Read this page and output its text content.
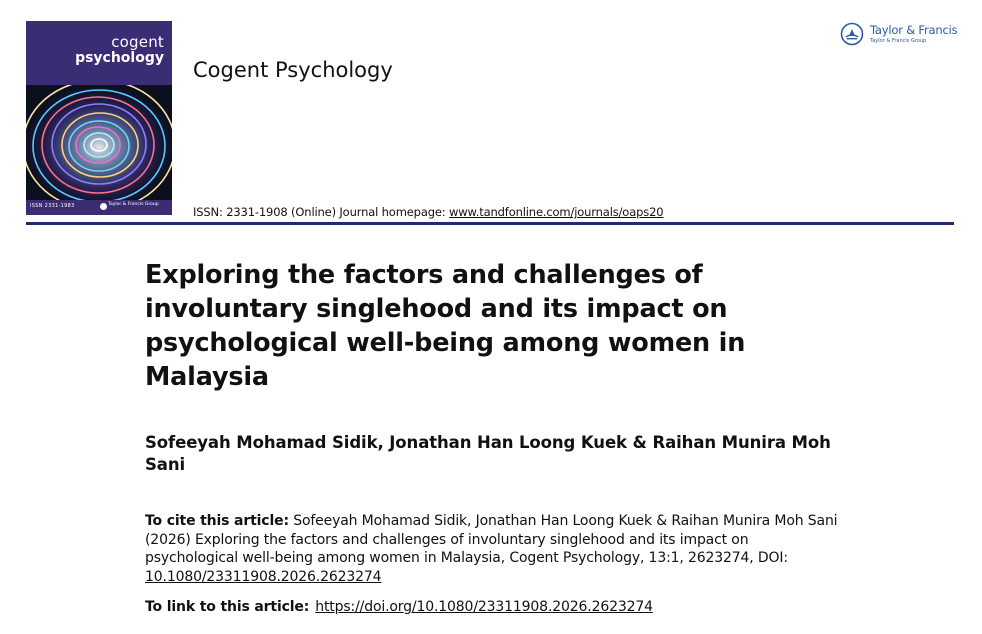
cogent
psychology
ISSN 2331-1983	Taylor & Francis Group
Cogent Psychology
Taylor & Francis
Taylor & Francis Group
ISSN: 2331-1908 (Online) Journal homepage: www.tandfonline.com/journals/oaps20
Exploring the factors and challenges of involuntary singlehood and its impact on psychological well-being among women in Malaysia
Sofeeyah Mohamad Sidik, Jonathan Han Loong Kuek & Raihan Munira Moh Sani
To cite this article: Sofeeyah Mohamad Sidik, Jonathan Han Loong Kuek & Raihan Munira Moh Sani (2026) Exploring the factors and challenges of involuntary singlehood and its impact on psychological well-being among women in Malaysia, Cogent Psychology, 13:1, 2623274, DOI: 10.1080/23311908.2026.2623274
To link to this article: https://doi.org/10.1080/23311908.2026.2623274
